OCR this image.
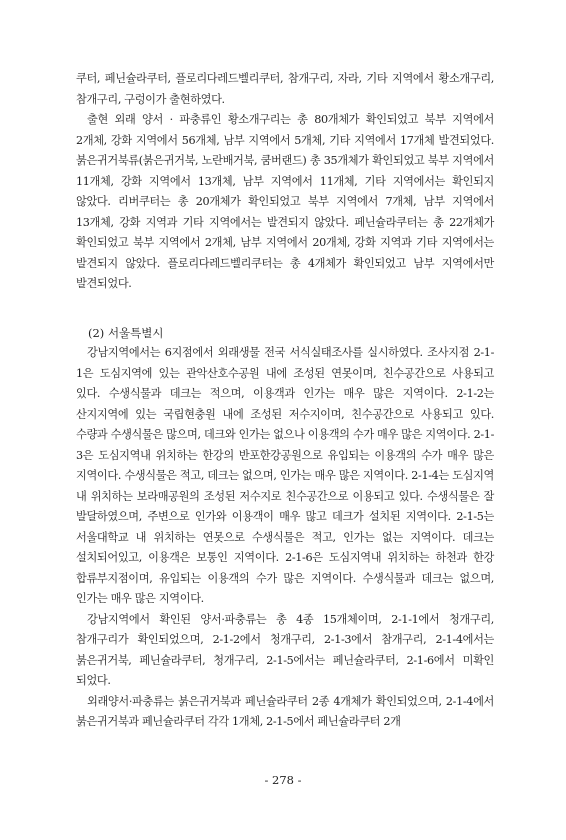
쿠터, 페닌슐라쿠터, 플로리다레드벨리쿠터, 참개구리, 자라, 기타 지역에서 황소개구리, 참개구리, 구렁이가 출현하였다.

출현 외래 양서 · 파충류인 황소개구리는 총 80개체가 확인되었고 북부 지역에서 2개체, 강화 지역에서 56개체, 남부 지역에서 5개체, 기타 지역에서 17개체 발견되었다. 붉은귀거북류(붉은귀거북, 노란배거북, 쿰버랜드) 총 35개체가 확인되었고 북부 지역에서 11개체, 강화 지역에서 13개체, 남부 지역에서 11개체, 기타 지역에서는 확인되지 않았다. 리버쿠터는 총 20개체가 확인되었고 북부 지역에서 7개체, 남부 지역에서 13개체, 강화 지역과 기타 지역에서는 발견되지 않았다. 페닌슐라쿠터는 총 22개체가 확인되었고 북부 지역에서 2개체, 남부 지역에서 20개체, 강화 지역과 기타 지역에서는 발견되지 않았다. 플로리다레드벨리쿠터는 총 4개체가 확인되었고 남부 지역에서만 발견되었다.

(2) 서울특별시

강남지역에서는 6지점에서 외래생물 전국 서식실태조사를 실시하였다. 조사지점 2-1-1은 도심지역에 있는 관악산호수공원 내에 조성된 연못이며, 친수공간으로 사용되고 있다. 수생식물과 데크는 적으며, 이용객과 인가는 매우 많은 지역이다. 2-1-2는 산지지역에 있는 국립현충원 내에 조성된 저수지이며, 친수공간으로 사용되고 있다. 수량과 수생식물은 많으며, 데크와 인가는 없으나 이용객의 수가 매우 많은 지역이다. 2-1-3은 도심지역내 위치하는 한강의 반포한강공원으로 유입되는 이용객의 수가 매우 많은 지역이다. 수생식물은 적고, 데크는 없으며, 인가는 매우 많은 지역이다. 2-1-4는 도심지역 내 위치하는 보라매공원의 조성된 저수지로 친수공간으로 이용되고 있다. 수생식물은 잘 발달하였으며, 주변으로 인가와 이용객이 매우 많고 데크가 설치된 지역이다. 2-1-5는 서울대학교 내 위치하는 연못으로 수생식물은 적고, 인가는 없는 지역이다. 데크는 설치되어있고, 이용객은 보통인 지역이다. 2-1-6은 도심지역내 위치하는 하천과 한강 합류부지점이며, 유입되는 이용객의 수가 많은 지역이다. 수생식물과 데크는 없으며, 인가는 매우 많은 지역이다.

강남지역에서 확인된 양서·파충류는 총 4종 15개체이며, 2-1-1에서 청개구리, 참개구리가 확인되었으며, 2-1-2에서 청개구리, 2-1-3에서 참개구리, 2-1-4에서는 붉은귀거북, 페닌슐라쿠터, 청개구리, 2-1-5에서는 페닌슐라쿠터, 2-1-6에서 미확인 되었다.

외래양서·파충류는 붉은귀거북과 페닌슐라쿠터 2종 4개체가 확인되었으며, 2-1-4에서 붉은귀거북과 페닌슐라쿠터 각각 1개체, 2-1-5에서 페닌슐라쿠터 2개

- 278 -
